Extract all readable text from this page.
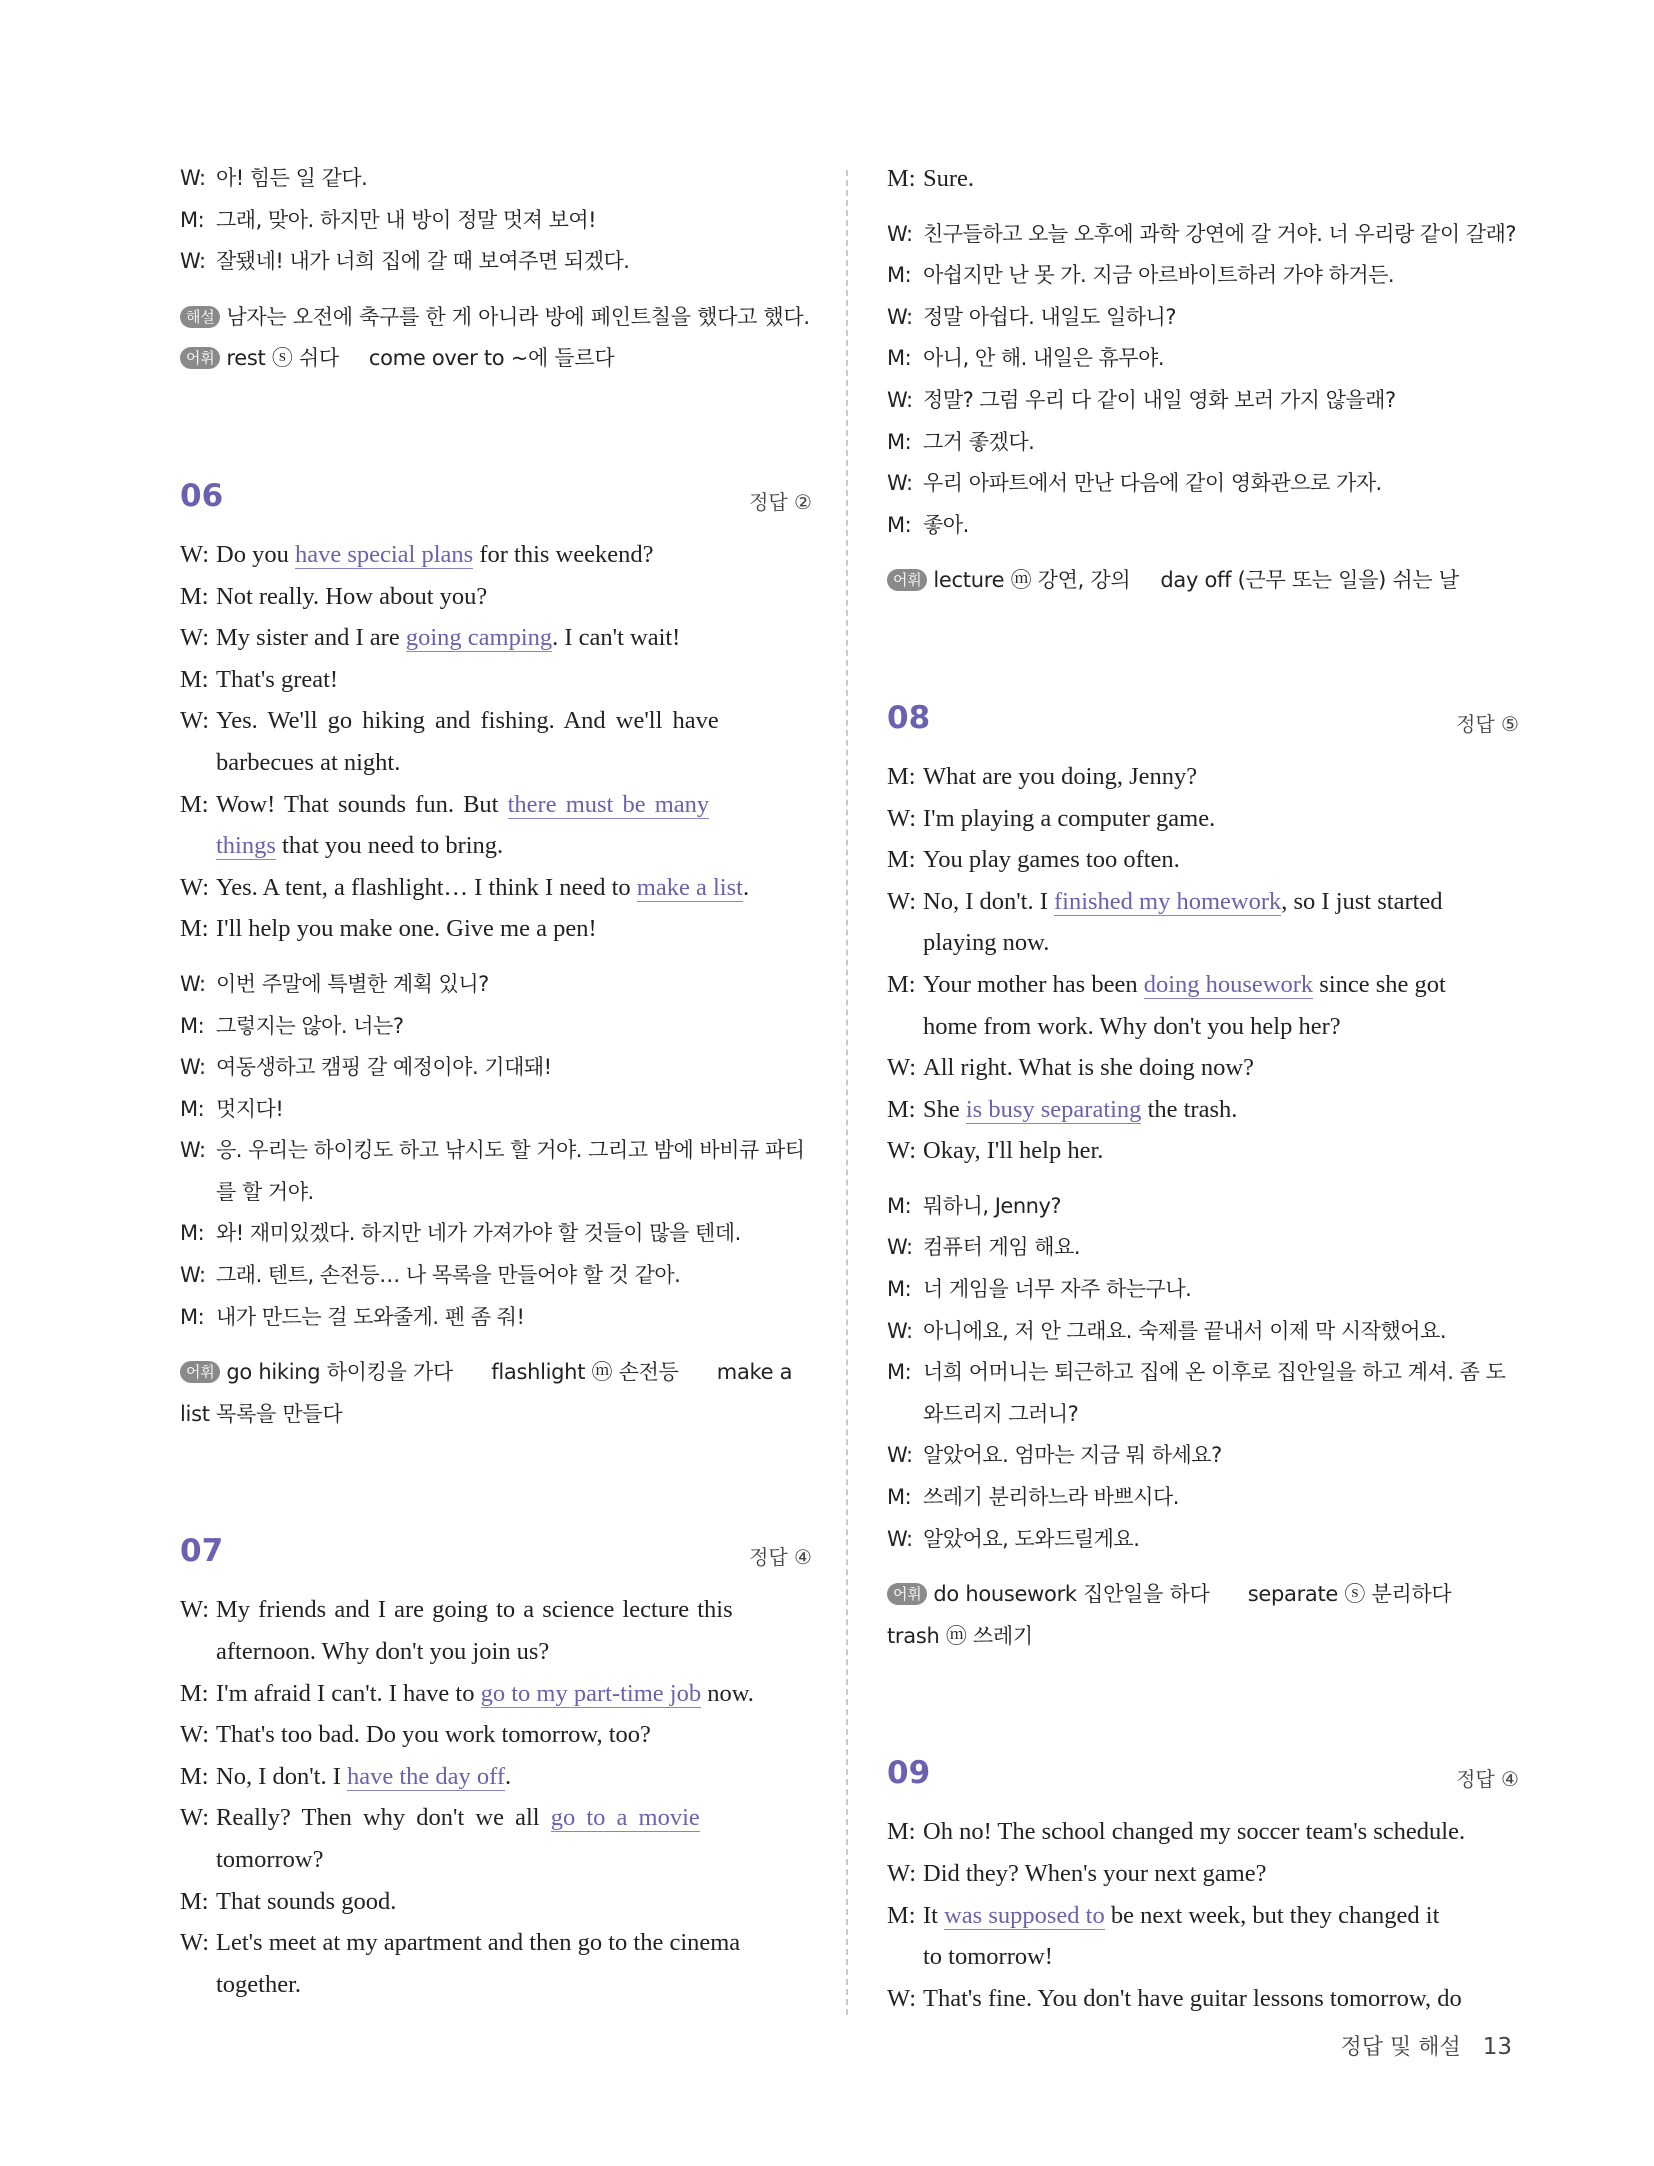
W: 아! 힘든 일 같다.
M: 그래, 맞아. 하지만 내 방이 정말 멋져 보여!
W: 잘됐네! 내가 너희 집에 갈 때 보여주면 되겠다.
해설 남자는 오전에 축구를 한 게 아니라 방에 페인트칠을 했다고 했다.
어휘 rest ⓢ 쉬다 come over to ~에 들르다
06	정답 ②
W: Do you have special plans for this weekend?
M: Not really. How about you?
W: My sister and I are going camping. I can't wait!
M: That's great!
W: Yes. We'll go hiking and fishing. And we'll have
barbecues at night.
M: Wow! That sounds fun. But there must be many
things that you need to bring.
W: Yes. A tent, a flashlight… I think I need to make a list.
M: I'll help you make one. Give me a pen!
W: 이번 주말에 특별한 계획 있니?
M: 그렇지는 않아. 너는?
W: 여동생하고 캠핑 갈 예정이야. 기대돼!
M: 멋지다!
W: 응. 우리는 하이킹도 하고 낚시도 할 거야. 그리고 밤에 바비큐 파티
를 할 거야.
M: 와! 재미있겠다. 하지만 네가 가져가야 할 것들이 많을 텐데.
W: 그래. 텐트, 손전등… 나 목록을 만들어야 할 것 같아.
M: 내가 만드는 걸 도와줄게. 펜 좀 줘!
어휘 go hiking 하이킹을 가다      flashlight ⓜ 손전등      make a
list 목록을 만들다
07	정답 ④
W: My friends and I are going to a science lecture this
afternoon. Why don't you join us?
M: I'm afraid I can't. I have to go to my part-time job now.
W: That's too bad. Do you work tomorrow, too?
M: No, I don't. I have the day off.
W: Really? Then why don't we all go to a movie
tomorrow?
M: That sounds good.
W: Let's meet at my apartment and then go to the cinema
together.
M: Sure.
W: 친구들하고 오늘 오후에 과학 강연에 갈 거야. 너 우리랑 같이 갈래?
M: 아쉽지만 난 못 가. 지금 아르바이트하러 가야 하거든.
W: 정말 아쉽다. 내일도 일하니?
M: 아니, 안 해. 내일은 휴무야.
W: 정말? 그럼 우리 다 같이 내일 영화 보러 가지 않을래?
M: 그거 좋겠다.
W: 우리 아파트에서 만난 다음에 같이 영화관으로 가자.
M: 좋아.
어휘 lecture ⓜ 강연, 강의 day off (근무 또는 일을) 쉬는 날
08	정답 ⑤
M: What are you doing, Jenny?
W: I'm playing a computer game.
M: You play games too often.
W: No, I don't. I finished my homework, so I just started
playing now.
M: Your mother has been doing housework since she got
home from work. Why don't you help her?
W: All right. What is she doing now?
M: She is busy separating the trash.
W: Okay, I'll help her.
M: 뭐하니, Jenny?
W: 컴퓨터 게임 해요.
M: 너 게임을 너무 자주 하는구나.
W: 아니에요, 저 안 그래요. 숙제를 끝내서 이제 막 시작했어요.
M: 너희 어머니는 퇴근하고 집에 온 이후로 집안일을 하고 계셔. 좀 도
와드리지 그러니?
W: 알았어요. 엄마는 지금 뭐 하세요?
M: 쓰레기 분리하느라 바쁘시다.
W: 알았어요, 도와드릴게요.
어휘 do housework 집안일을 하다      separate ⓢ 분리하다
trash ⓜ 쓰레기
09	정답 ④
M: Oh no! The school changed my soccer team's schedule.
W: Did they? When's your next game?
M: It was supposed to be next week, but they changed it
to tomorrow!
W: That's fine. You don't have guitar lessons tomorrow, do
정답 및 해설 13
